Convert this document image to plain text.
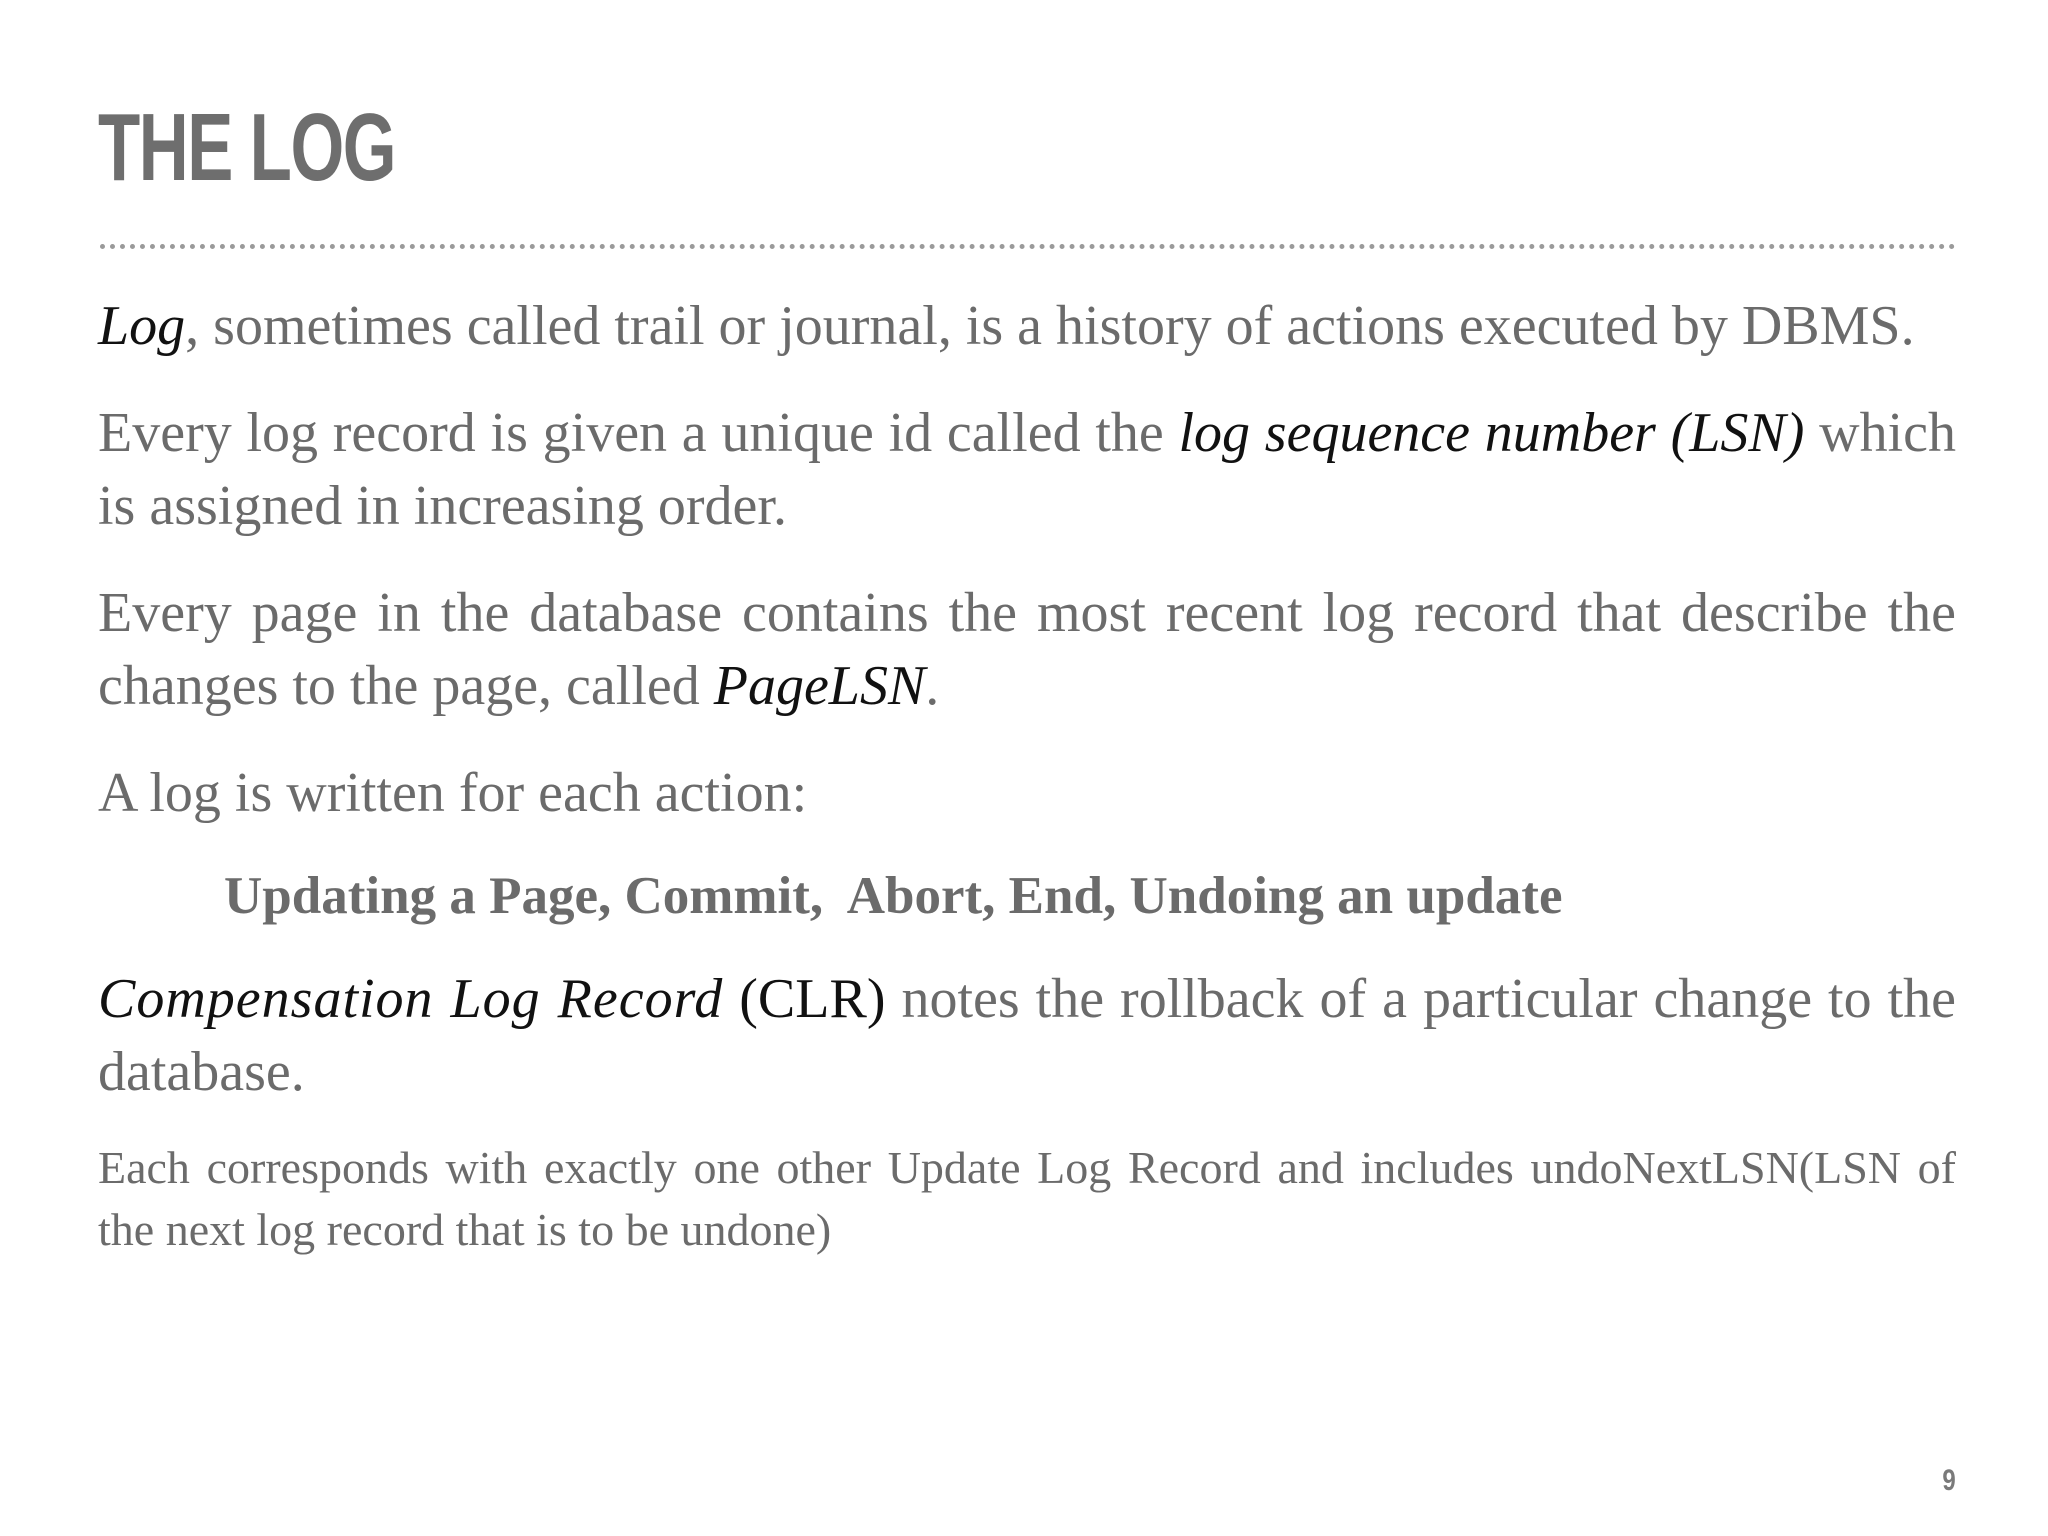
THE LOG

Log, sometimes called trail or journal, is a history of actions executed by DBMS.

Every log record is given a unique id called the log sequence number (LSN) which is assigned in increasing order.

Every page in the database contains the most recent log record that describe the changes to the page, called PageLSN.

A log is written for each action:

Updating a Page, Commit,  Abort, End, Undoing an update

Compensation Log Record (CLR) notes the rollback of a particular change to the database.

Each corresponds with exactly one other Update Log Record and includes undoNextLSN(LSN of the next log record that is to be undone)

9
